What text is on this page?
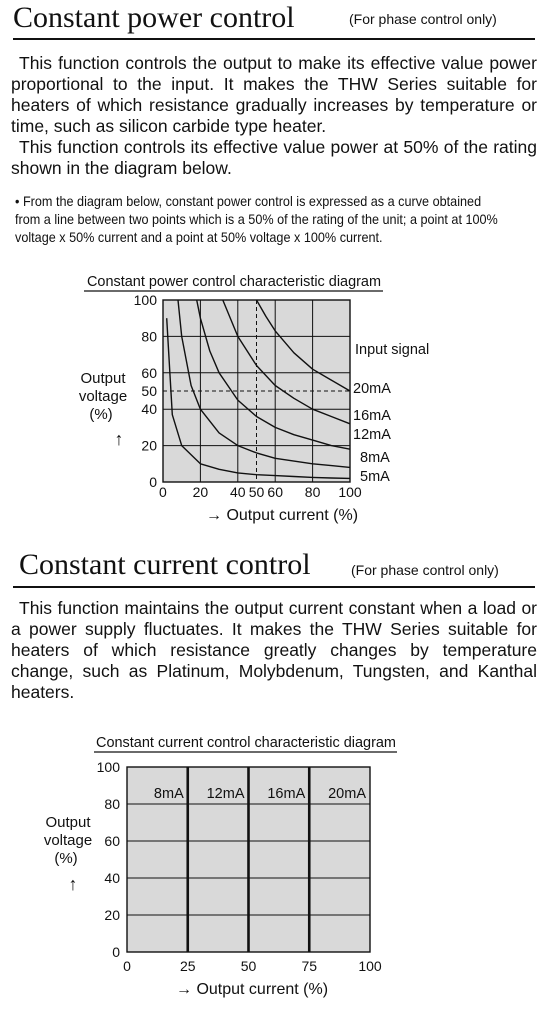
Constant power control	(For phase control only)

This function controls the output to make its effective value power proportional to the input. It makes the THW Series suitable for heaters of which resistance gradually increases by temperature or time, such as silicon carbide type heater.

This function controls its effective value power at 50% of the rating shown in the diagram below.

• From the diagram below, constant power control is expressed as a curve obtained from a line between two points which is a 50% of the rating of the unit; a point at 100% voltage x 50% current and a point at 50% voltage x 100% current.
Constant power control characteristic diagram
Output
voltage
(%)
↑
Input signal
→ Output current (%)
0 20 40 50 60 80 100
0
20
40
50
60
80
100
20mA
16mA
12mA
8mA
5mA
Constant current control	(For phase control only)

This function maintains the output current constant when a load or a power supply fluctuates. It makes the THW Series suitable for heaters of which resistance greatly changes by temperature change, such as Platinum, Molybdenum, Tungsten, and Kanthal heaters.

Constant current control characteristic diagram
Output
voltage
(%)
↑
→ Output current (%)
8mA 12mA 16mA 20mA
0	25	50	75	100
0
20
40
60
80
100
